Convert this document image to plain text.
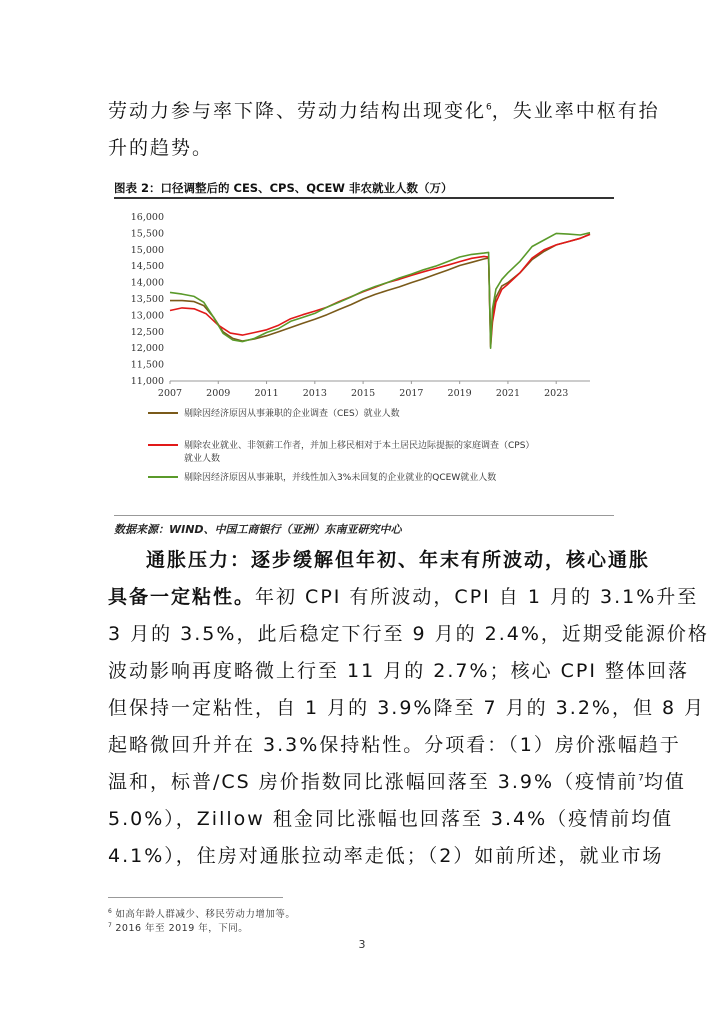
劳动力参与率下降、劳动力结构出现变化$^6$，失业率中枢有抬
升的趋势。
图表 2：口径调整后的 CES、CPS、QCEW 非农就业人数（万）
16,000
15,500
15,000
14,500
14,000
13,500
13,000
12,500
12,000
11,500
11,000
2007	2009	2011	2013	2015	2017	2019	2021	2023
剔除因经济原因从事兼职的企业调查（CES）就业人数
剔除农业就业、非领薪工作者，并加上移民相对于本土居民边际提振的家庭调查（CPS）
就业人数
剔除因经济原因从事兼职，并线性加入3%未回复的企业就业的QCEW就业人数
数据来源：WIND、中国工商银行（亚洲）东南亚研究中心
通胀压力：逐步缓解但年初、年末有所波动，核心通胀
具备一定粘性。年初 CPI 有所波动，CPI 自 1 月的 3.1%升至
3 月的 3.5%，此后稳定下行至 9 月的 2.4%，近期受能源价格
波动影响再度略微上行至 11 月的 2.7%；核心 CPI 整体回落
但保持一定粘性，自 1 月的 3.9%降至 7 月的 3.2%，但 8 月
起略微回升并在 3.3%保持粘性。分项看：（1）房价涨幅趋于
温和，标普/CS 房价指数同比涨幅回落至 3.9%（疫情前$^7$均值
5.0%），Zillow 租金同比涨幅也回落至 3.4%（疫情前均值
4.1%），住房对通胀拉动率走低；（2）如前所述，就业市场
$^6$ 如高年龄人群减少、移民劳动力增加等。
$^7$ 2016 年至 2019 年，下同。
3
